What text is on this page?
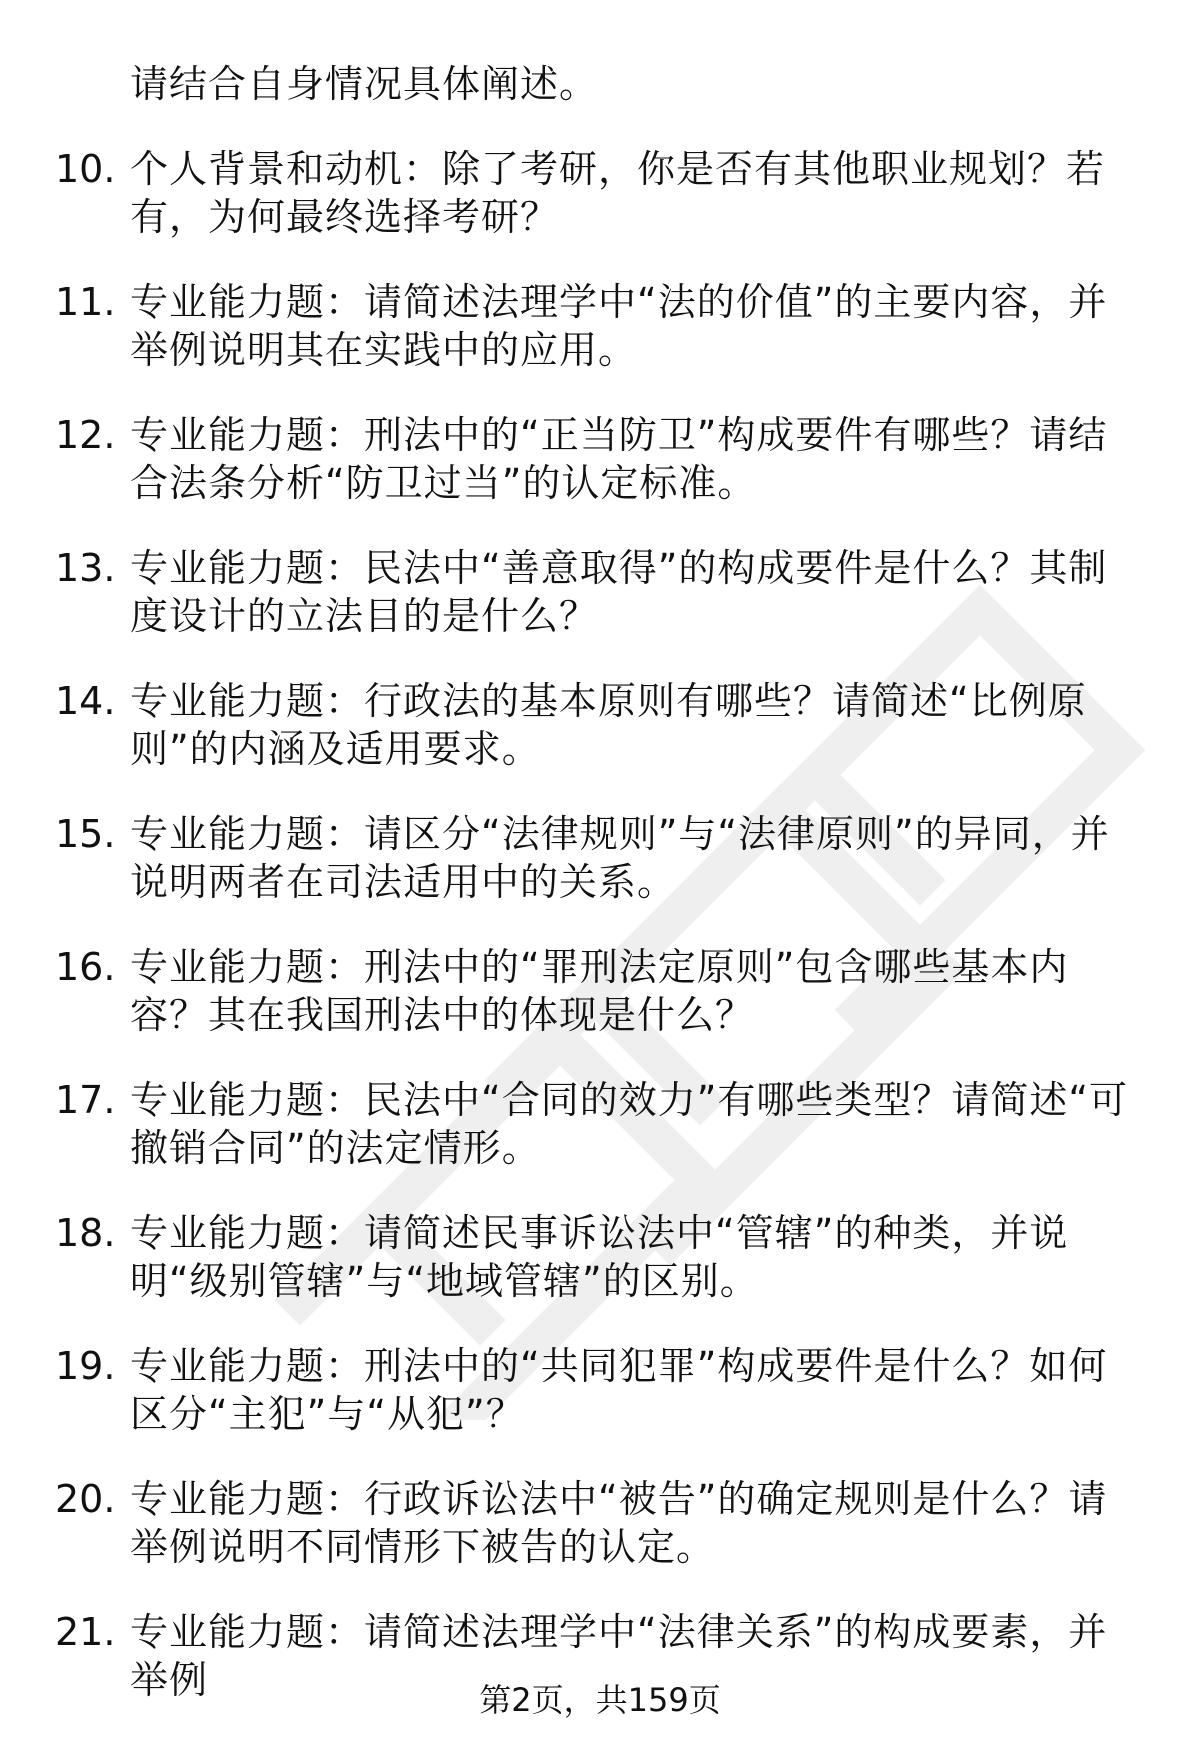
请结合自身情况具体阐述。
10. 个人背景和动机：除了考研，你是否有其他职业规划？若有，为何最终选择考研？
11. 专业能力题：请简述法理学中“法的价值”的主要内容，并举例说明其在实践中的应用。
12. 专业能力题：刑法中的“正当防卫”构成要件有哪些？请结合法条分析“防卫过当”的认定标准。
13. 专业能力题：民法中“善意取得”的构成要件是什么？其制度设计的立法目的是什么？
14. 专业能力题：行政法的基本原则有哪些？请简述“比例原则”的内涵及适用要求。
15. 专业能力题：请区分“法律规则”与“法律原则”的异同，并说明两者在司法适用中的关系。
16. 专业能力题：刑法中的“罪刑法定原则”包含哪些基本内容？其在我国刑法中的体现是什么？
17. 专业能力题：民法中“合同的效力”有哪些类型？请简述“可撤销合同”的法定情形。
18. 专业能力题：请简述民事诉讼法中“管辖”的种类，并说明“级别管辖”与“地域管辖”的区别。
19. 专业能力题：刑法中的“共同犯罪”构成要件是什么？如何区分“主犯”与“从犯”？
20. 专业能力题：行政诉讼法中“被告”的确定规则是什么？请举例说明不同情形下被告的认定。
21. 专业能力题：请简述法理学中“法律关系”的构成要素，并举例	第2页，共159页
